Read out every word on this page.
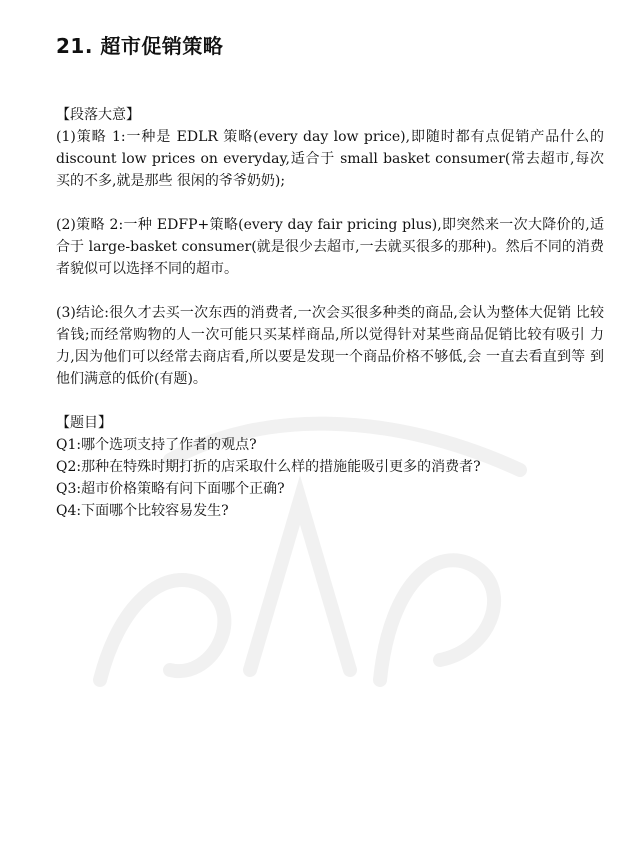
21. 超市促销策略

【段落大意】

(1)策略 1:一种是 EDLR 策略(every day low price),即随时都有点促销产品什么的 discount low prices on everyday,适合于 small basket consumer(常去超市,每次买的不多,就是那些 很闲的爷爷奶奶);

(2)策略 2:一种 EDFP+策略(every day fair pricing plus),即突然来一次大降价的,适合于 large-basket consumer(就是很少去超市,一去就买很多的那种)。然后不同的消费者貌似可以选择不同的超市。

(3)结论:很久才去买一次东西的消费者,一次会买很多种类的商品,会认为整体大促销 比较省钱;而经常购物的人一次可能只买某样商品,所以觉得针对某些商品促销比较有吸引 力力,因为他们可以经常去商店看,所以要是发现一个商品价格不够低,会 一直去看直到等 到他们满意的低价(有题)。

【题目】

Q1:哪个选项支持了作者的观点?
Q2:那种在特殊时期打折的店采取什么样的措施能吸引更多的消费者?
Q3:超市价格策略有问下面哪个正确?
Q4:下面哪个比较容易发生?
